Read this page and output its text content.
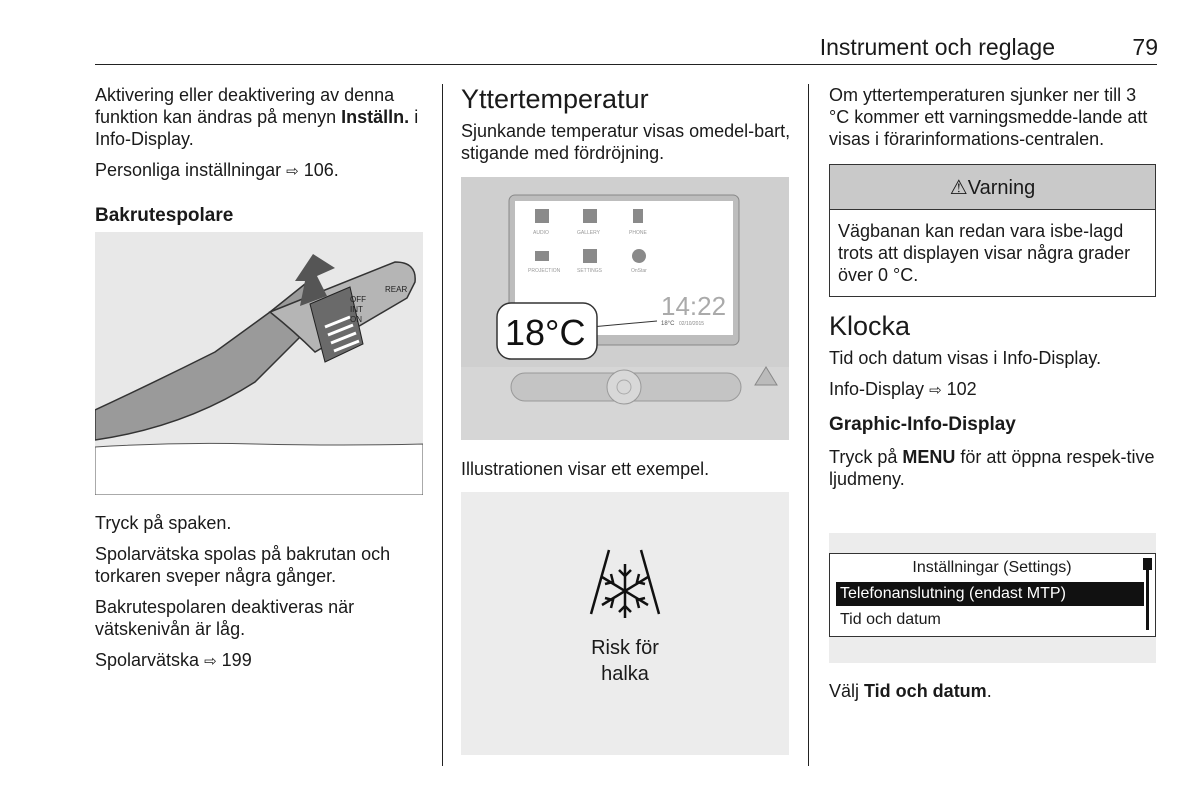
Instrument och reglage	79

Aktivering eller deaktivering av denna funktion kan ändras på menyn Inställn. i Info-Display.

Personliga inställningar ⇨ 106.

Bakrutespolare
OFF
INT
ON
REAR

Tryck på spaken.

Spolarvätska spolas på bakrutan och torkaren sveper några gånger.

Bakrutespolaren deaktiveras när vätskenivån är låg.

Spolarvätska ⇨ 199

Yttertemperatur

Sjunkande temperatur visas omedel-bart, stigande med fördröjning.

AUDIO	GALLERY	PHONE
PROJECTION	SETTINGS	OnStar
14:22
18°C 02/10/2015
18°C

Illustrationen visar ett exempel.

Risk för
halka

Om yttertemperaturen sjunker ner till 3 °C kommer ett varningsmedde-lande att visas i förarinformations-centralen.

⚠Varning
Vägbanan kan redan vara isbe-lagd trots att displayen visar några grader över 0 °C.
Klocka

Tid och datum visas i Info-Display.

Info-Display ⇨ 102

Graphic-Info-Display

Tryck på MENU för att öppna respek-tive ljudmeny.

Inställningar (Settings)
Telefonanslutning (endast MTP)
Tid och datum

Välj Tid och datum.
